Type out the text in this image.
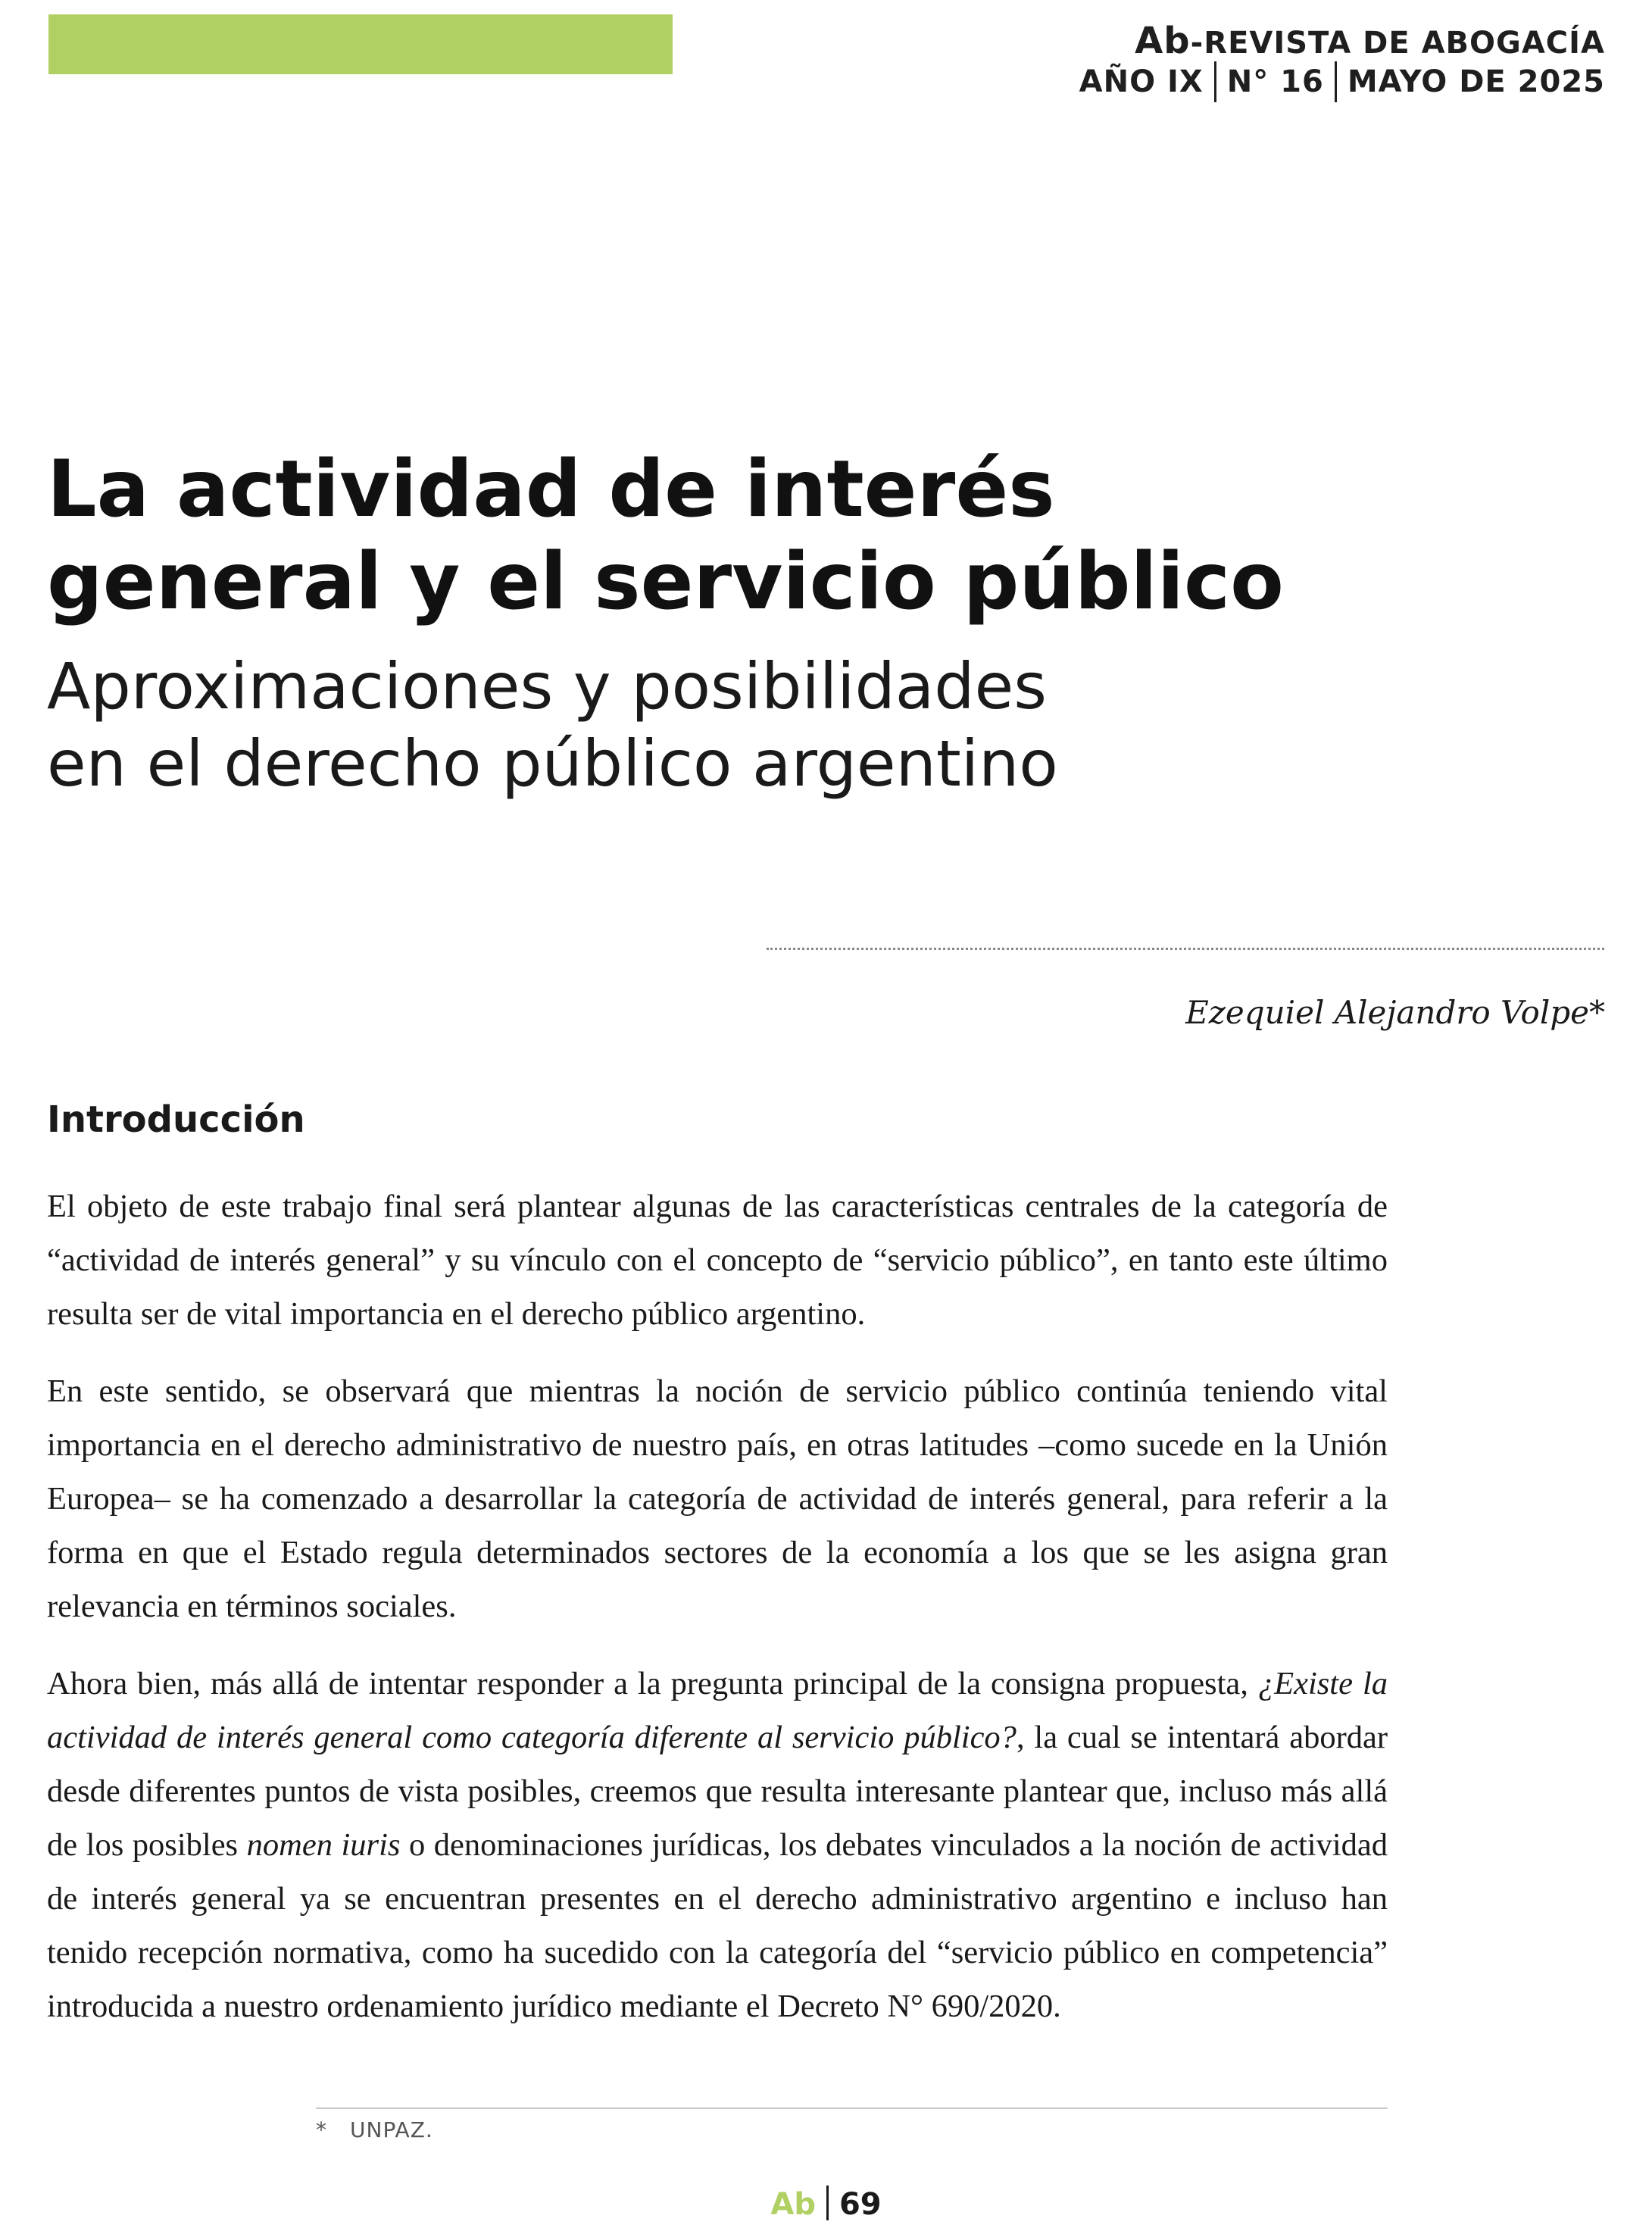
Ab-REVISTA DE ABOGACÍA
AÑO IX N° 16 MAYO DE 2025
La actividad de interés
general y el servicio público
Aproximaciones y posibilidades
en el derecho público argentino
Ezequiel Alejandro Volpe*
Introducción

El objeto de este trabajo final será plantear algunas de las características centrales de la categoría de “actividad de interés general” y su vínculo con el concepto de “servicio público”, en tanto este último resulta ser de vital importancia en el derecho público argentino.

En este sentido, se observará que mientras la noción de servicio público continúa teniendo vital importancia en el derecho administrativo de nuestro país, en otras latitudes –como sucede en la Unión Europea– se ha comenzado a desarrollar la categoría de actividad de interés general, para referir a la forma en que el Estado regula determinados sectores de la economía a los que se les asigna gran relevancia en términos sociales.

Ahora bien, más allá de intentar responder a la pregunta principal de la consigna propuesta, ¿Existe la actividad de interés general como categoría diferente al servicio público?, la cual se intentará abordar desde diferentes puntos de vista posibles, creemos que resulta interesante plantear que, incluso más allá de los posibles nomen iuris o denominaciones jurídicas, los debates vinculados a la noción de actividad de interés general ya se encuentran presentes en el derecho administrativo argentino e incluso han tenido recepción normativa, como ha sucedido con la categoría del “servicio público en competencia” introducida a nuestro ordenamiento jurídico mediante el Decreto N° 690/2020.

* UNPAZ.
Ab 69
